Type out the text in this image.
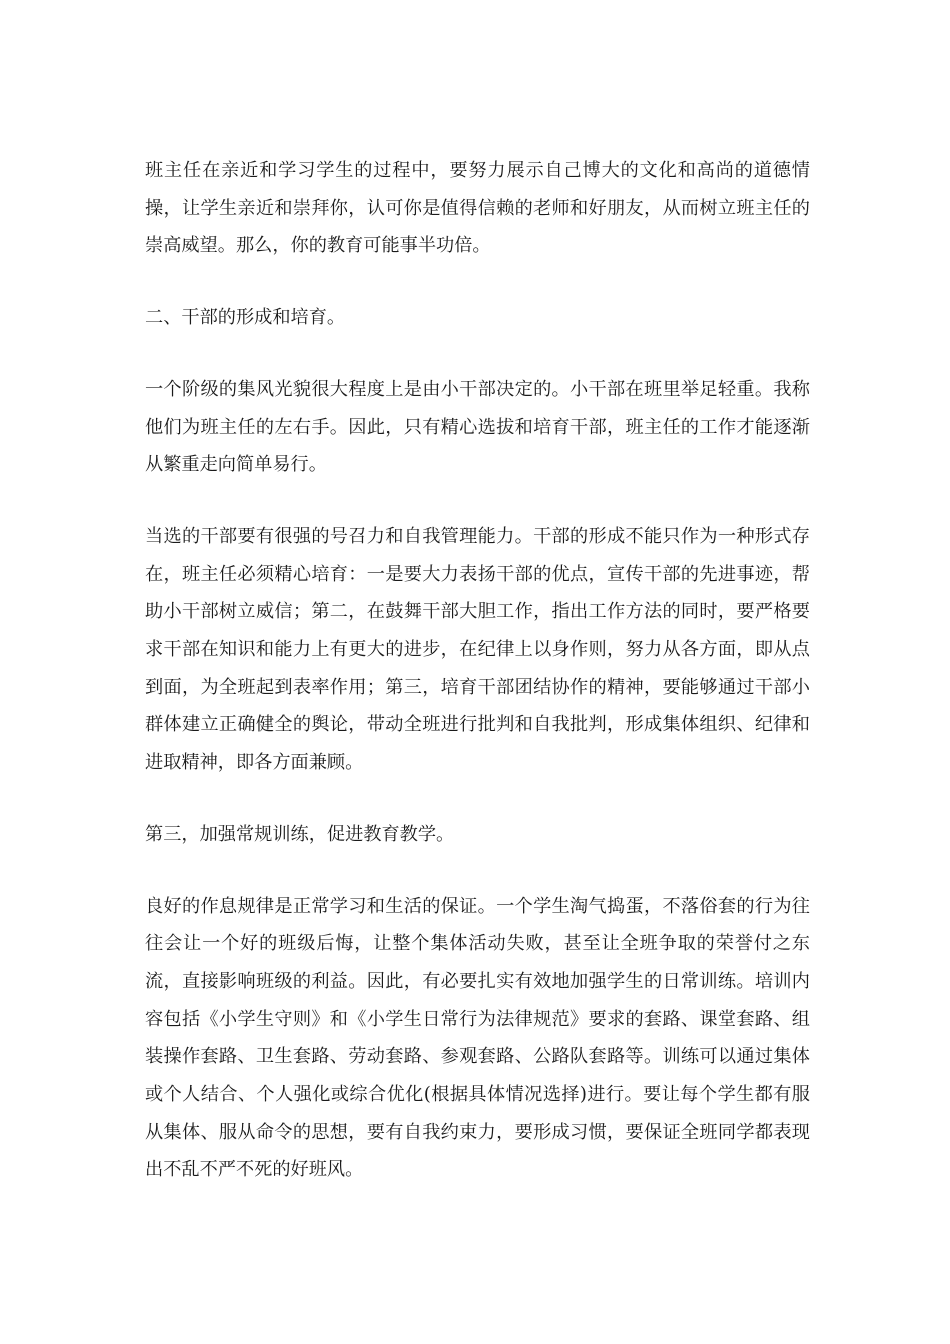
班主任在亲近和学习学生的过程中，要努力展示自己博大的文化和高尚的道德情操，让学生亲近和崇拜你，认可你是值得信赖的老师和好朋友，从而树立班主任的崇高威望。那么，你的教育可能事半功倍。

二、干部的形成和培育。

一个阶级的集风光貌很大程度上是由小干部决定的。小干部在班里举足轻重。我称他们为班主任的左右手。因此，只有精心选拔和培育干部，班主任的工作才能逐渐从繁重走向简单易行。

当选的干部要有很强的号召力和自我管理能力。干部的形成不能只作为一种形式存在，班主任必须精心培育：一是要大力表扬干部的优点，宣传干部的先进事迹，帮助小干部树立威信；第二，在鼓舞干部大胆工作，指出工作方法的同时，要严格要求干部在知识和能力上有更大的进步，在纪律上以身作则，努力从各方面，即从点到面，为全班起到表率作用；第三，培育干部团结协作的精神，要能够通过干部小群体建立正确健全的舆论，带动全班进行批判和自我批判，形成集体组织、纪律和进取精神，即各方面兼顾。

第三，加强常规训练，促进教育教学。

良好的作息规律是正常学习和生活的保证。一个学生淘气捣蛋，不落俗套的行为往往会让一个好的班级后悔，让整个集体活动失败，甚至让全班争取的荣誉付之东流，直接影响班级的利益。因此，有必要扎实有效地加强学生的日常训练。培训内容包括《小学生守则》和《小学生日常行为法律规范》要求的套路、课堂套路、组装操作套路、卫生套路、劳动套路、参观套路、公路队套路等。训练可以通过集体或个人结合、个人强化或综合优化(根据具体情况选择)进行。要让每个学生都有服从集体、服从命令的思想，要有自我约束力，要形成习惯，要保证全班同学都表现出不乱不严不死的好班风。
